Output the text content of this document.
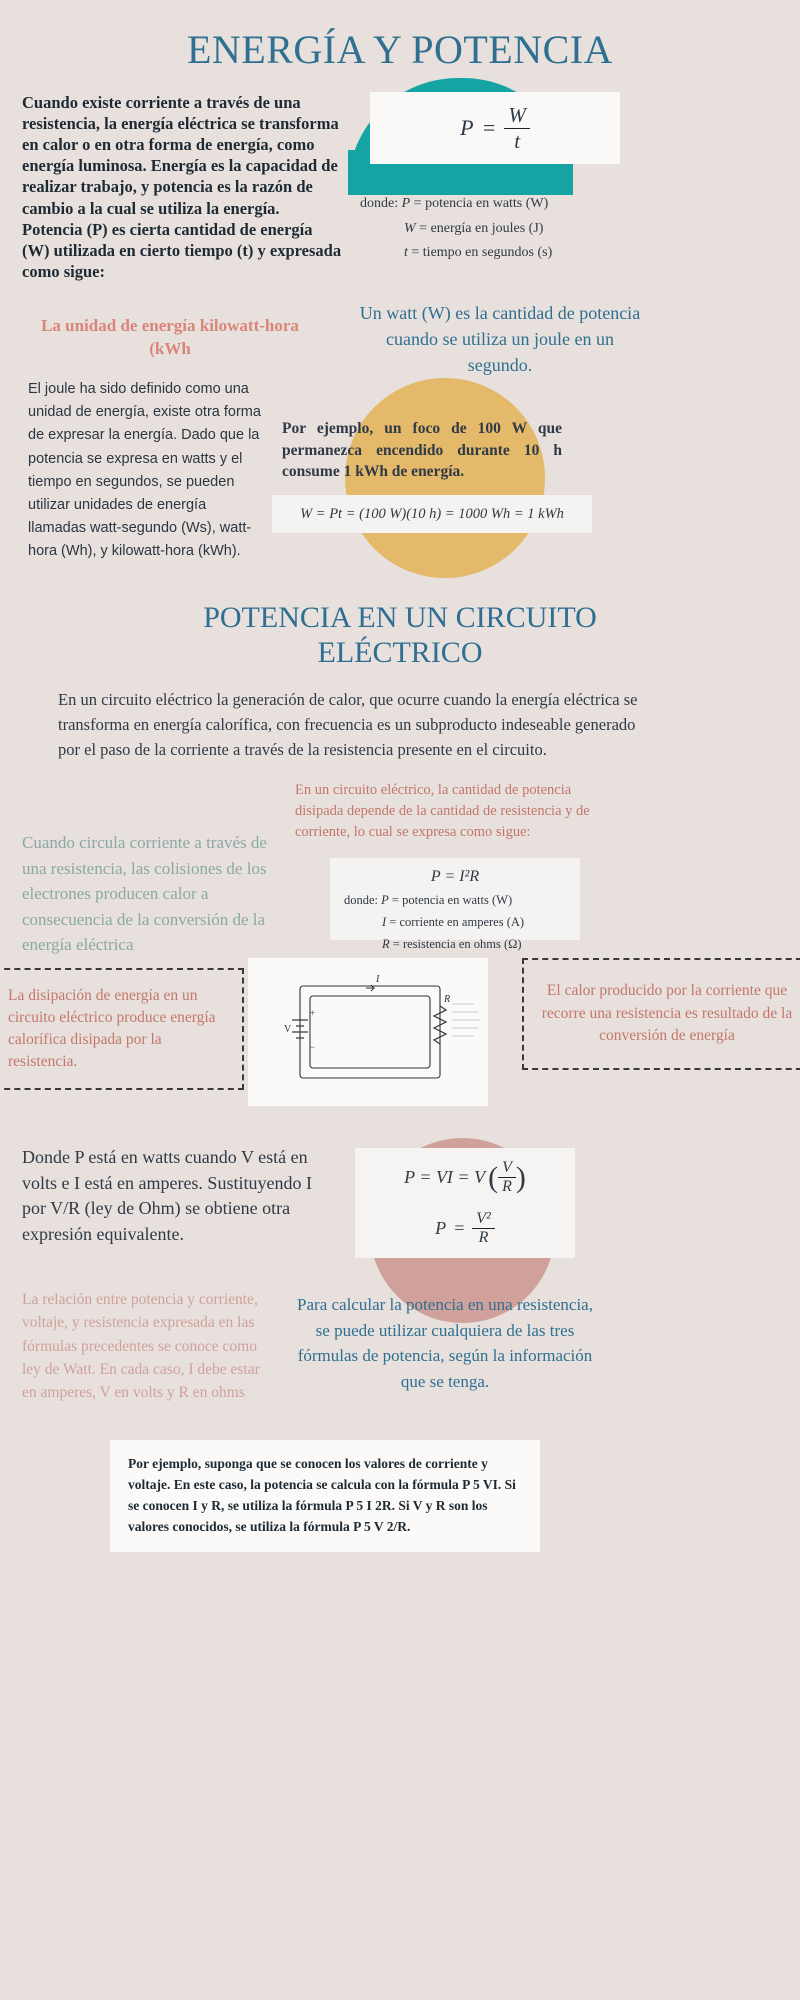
ENERGÍA Y POTENCIA
$P = \frac{W}{t}$
donde: P = potencia en watts (W)
W = energía en joules (J)
t = tiempo en segundos (s)
Cuando existe corriente a través de una resistencia, la energía eléctrica se transforma en calor o en otra forma de energía, como energía luminosa. Energía es la capacidad de realizar trabajo, y potencia es la razón de cambio a la cual se utiliza la energía. Potencia (P) es cierta cantidad de energía (W) utilizada en cierto tiempo (t) y expresada como sigue:
Un watt (W) es la cantidad de potencia cuando se utiliza un joule en un segundo.
La unidad de energía kilowatt-hora (kWh
El joule ha sido definido como una unidad de energía, existe otra forma de expresar la energía. Dado que la potencia se expresa en watts y el tiempo en segundos, se pueden utilizar unidades de energía llamadas watt-segundo (Ws), watt-hora (Wh), y kilowatt-hora (kWh).
Por ejemplo, un foco de 100 W que permanezca encendido durante 10 h consume 1 kWh de energía.
W = Pt = (100 W)(10 h) = 1000 Wh = 1 kWh
POTENCIA EN UN CIRCUITO
ELÉCTRICO
En un circuito eléctrico la generación de calor, que ocurre cuando la energía eléctrica se transforma en energía calorífica, con frecuencia es un subproducto indeseable generado por el paso de la corriente a través de la resistencia presente en el circuito.
En un circuito eléctrico, la cantidad de potencia disipada depende de la cantidad de resistencia y de corriente, lo cual se expresa como sigue:
Cuando circula corriente a través de una resistencia, las colisiones de los electrones producen calor a consecuencia de la conversión de la energía eléctrica
P = I²R
donde: P = potencia en watts (W)
I = corriente en amperes (A)
R = resistencia en ohms (Ω)
La disipación de energía en un circuito eléctrico produce energía calorífica disipada por la resistencia.
El calor producido por la corriente que recorre una resistencia es resultado de la conversión de energía
V
+
−
I
R
Donde P está en watts cuando V está en volts e I está en amperes. Sustituyendo I por V/R (ley de Ohm) se obtiene otra expresión equivalente.
P = VI = V ( $\frac{V}{R}$ )
$P = \frac{\text{V²}}{R}$
La relación entre potencia y corriente, voltaje, y resistencia expresada en las fórmulas precedentes se conoce como ley de Watt. En cada caso, I debe estar en amperes, V en volts y R en ohms
Para calcular la potencia en una resistencia, se puede utilizar cualquiera de las tres fórmulas de potencia, según la información que se tenga.
Por ejemplo, suponga que se conocen los valores de corriente y voltaje. En este caso, la potencia se calcula con la fórmula P 5 VI. Si se conocen I y R, se utiliza la fórmula P 5 I 2R. Si V y R son los valores conocidos, se utiliza la fórmula P 5 V 2/R.
